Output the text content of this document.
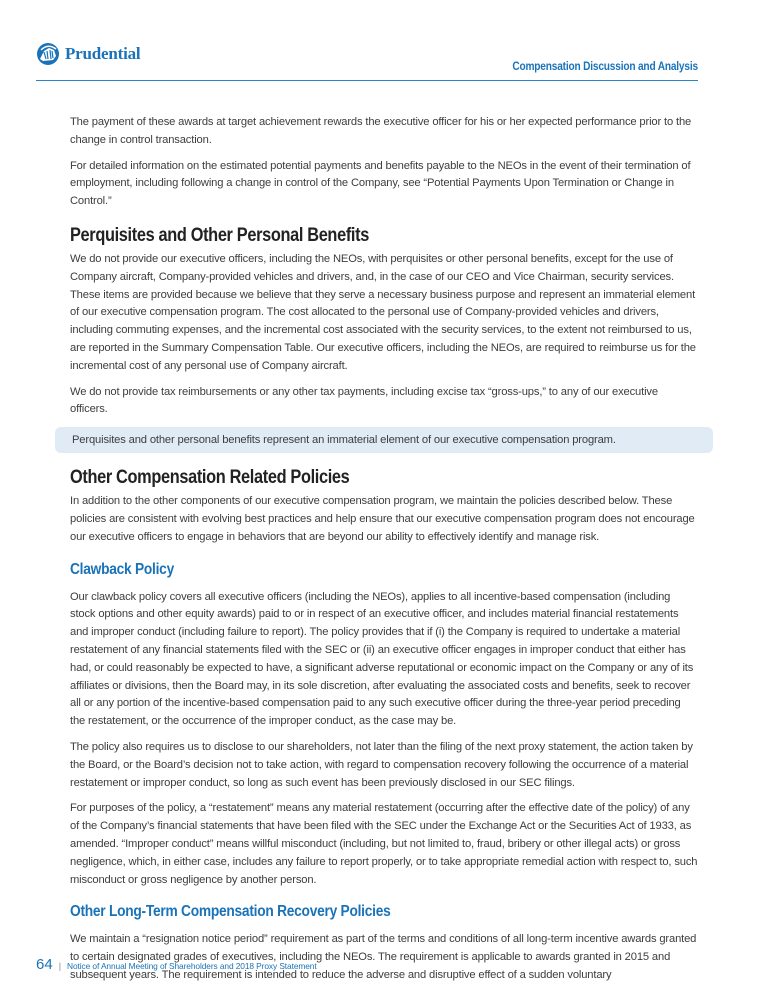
Prudential
Compensation Discussion and Analysis

The payment of these awards at target achievement rewards the executive officer for his or her expected performance prior to the change in control transaction.

For detailed information on the estimated potential payments and benefits payable to the NEOs in the event of their termination of employment, including following a change in control of the Company, see “Potential Payments Upon Termination or Change in Control.”

Perquisites and Other Personal Benefits

We do not provide our executive officers, including the NEOs, with perquisites or other personal benefits, except for the use of Company aircraft, Company-provided vehicles and drivers, and, in the case of our CEO and Vice Chairman, security services. These items are provided because we believe that they serve a necessary business purpose and represent an immaterial element of our executive compensation program. The cost allocated to the personal use of Company-provided vehicles and drivers, including commuting expenses, and the incremental cost associated with the security services, to the extent not reimbursed to us, are reported in the Summary Compensation Table. Our executive officers, including the NEOs, are required to reimburse us for the incremental cost of any personal use of Company aircraft.

We do not provide tax reimbursements or any other tax payments, including excise tax “gross-ups,” to any of our executive officers.

Perquisites and other personal benefits represent an immaterial element of our executive compensation program.
Other Compensation Related Policies

In addition to the other components of our executive compensation program, we maintain the policies described below. These policies are consistent with evolving best practices and help ensure that our executive compensation program does not encourage our executive officers to engage in behaviors that are beyond our ability to effectively identify and manage risk.

Clawback Policy

Our clawback policy covers all executive officers (including the NEOs), applies to all incentive-based compensation (including stock options and other equity awards) paid to or in respect of an executive officer, and includes material financial restatements and improper conduct (including failure to report). The policy provides that if (i) the Company is required to undertake a material restatement of any financial statements filed with the SEC or (ii) an executive officer engages in improper conduct that either has had, or could reasonably be expected to have, a significant adverse reputational or economic impact on the Company or any of its affiliates or divisions, then the Board may, in its sole discretion, after evaluating the associated costs and benefits, seek to recover all or any portion of the incentive-based compensation paid to any such executive officer during the three-year period preceding the restatement, or the occurrence of the improper conduct, as the case may be.

The policy also requires us to disclose to our shareholders, not later than the filing of the next proxy statement, the action taken by the Board, or the Board’s decision not to take action, with regard to compensation recovery following the occurrence of a material restatement or improper conduct, so long as such event has been previously disclosed in our SEC filings.

For purposes of the policy, a “restatement” means any material restatement (occurring after the effective date of the policy) of any of the Company’s financial statements that have been filed with the SEC under the Exchange Act or the Securities Act of 1933, as amended. “Improper conduct” means willful misconduct (including, but not limited to, fraud, bribery or other illegal acts) or gross negligence, which, in either case, includes any failure to report properly, or to take appropriate remedial action with respect to, such misconduct or gross negligence by another person.

Other Long-Term Compensation Recovery Policies

We maintain a “resignation notice period” requirement as part of the terms and conditions of all long-term incentive awards granted to certain designated grades of executives, including the NEOs. The requirement is applicable to awards granted in 2015 and subsequent years. The requirement is intended to reduce the adverse and disruptive effect of a sudden voluntary

64 | Notice of Annual Meeting of Shareholders and 2018 Proxy Statement
